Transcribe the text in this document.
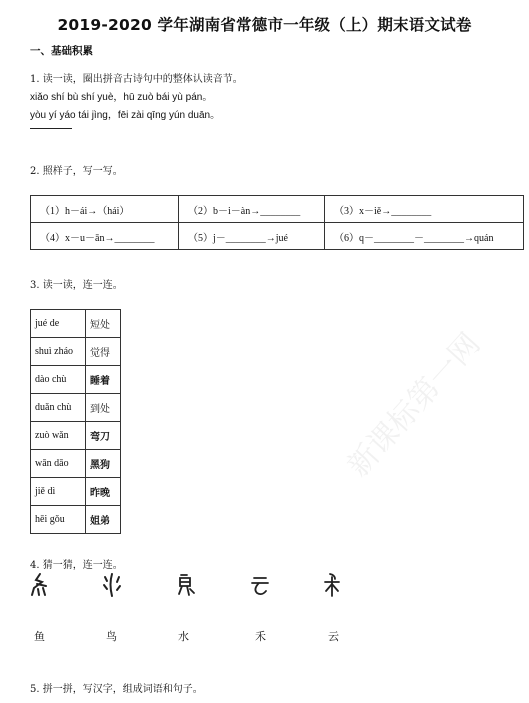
2019-2020 学年湖南省常德市一年级（上）期末语文试卷
一、基础积累
1. 读一读，圈出拼音古诗句中的整体认读音节。
xiǎo shí bù shí yuè，hū zuò bái yù pán。
yòu yí yáo tái jìng，fēi zài qīng yún duān。
2. 照样子，写一写。
（1）h－ái→（hái）	（2）b－i－àn→________	（3）x－iě→________
（4）x－u－ān→________	（5）j－________→jué	（6）q－________－________→quán
3. 读一读，连一连。
jué de	短处
shuì zháo	觉得
dào chù	睡着
duǎn chù	到处
zuò wǎn	弯刀
wān dāo	黑狗
jiě dì	昨晚
hēi gǒu	姐弟
4. 猜一猜，连一连。
鱼	鸟	水	禾	云
5. 拼一拼，写汉字，组成词语和句子。
新课标第一网
